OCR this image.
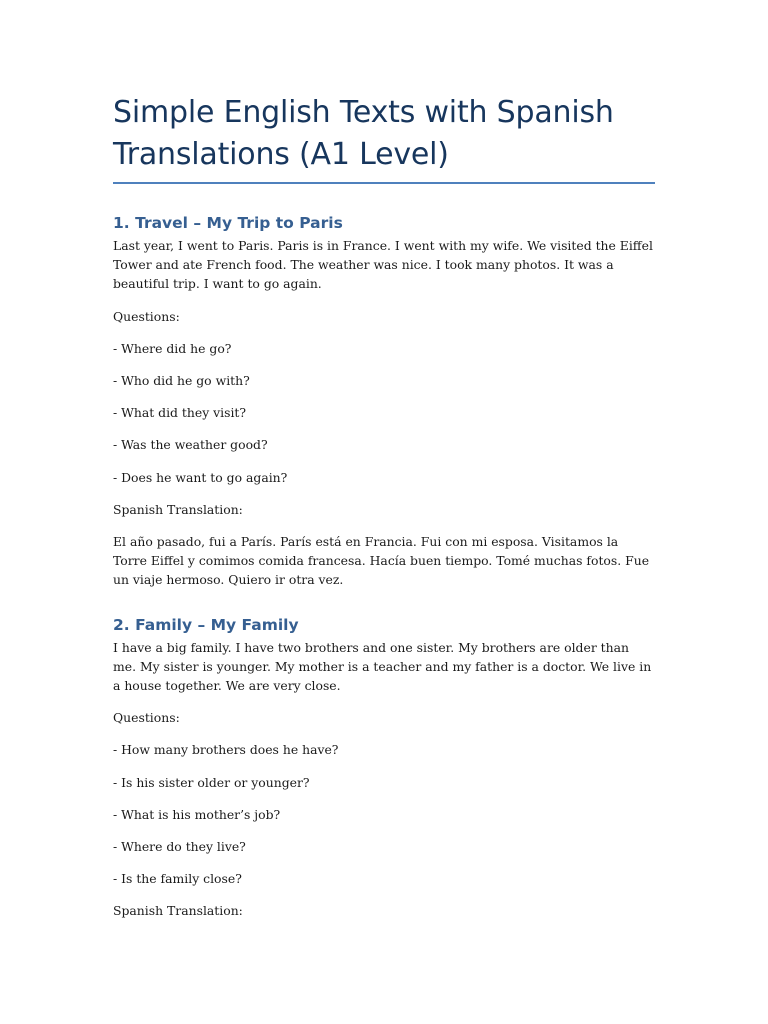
Simple English Texts with Spanish Translations (A1 Level)
1. Travel – My Trip to Paris

Last year, I went to Paris. Paris is in France. I went with my wife. We visited the Eiffel Tower and ate French food. The weather was nice. I took many photos. It was a beautiful trip. I want to go again.

Questions:

- Where did he go?

- Who did he go with?

- What did they visit?

- Was the weather good?

- Does he want to go again?

Spanish Translation:

El año pasado, fui a París. París está en Francia. Fui con mi esposa. Visitamos la Torre Eiffel y comimos comida francesa. Hacía buen tiempo. Tomé muchas fotos. Fue un viaje hermoso. Quiero ir otra vez.

2. Family – My Family

I have a big family. I have two brothers and one sister. My brothers are older than me. My sister is younger. My mother is a teacher and my father is a doctor. We live in a house together. We are very close.

Questions:

- How many brothers does he have?

- Is his sister older or younger?

- What is his mother’s job?

- Where do they live?

- Is the family close?

Spanish Translation:
